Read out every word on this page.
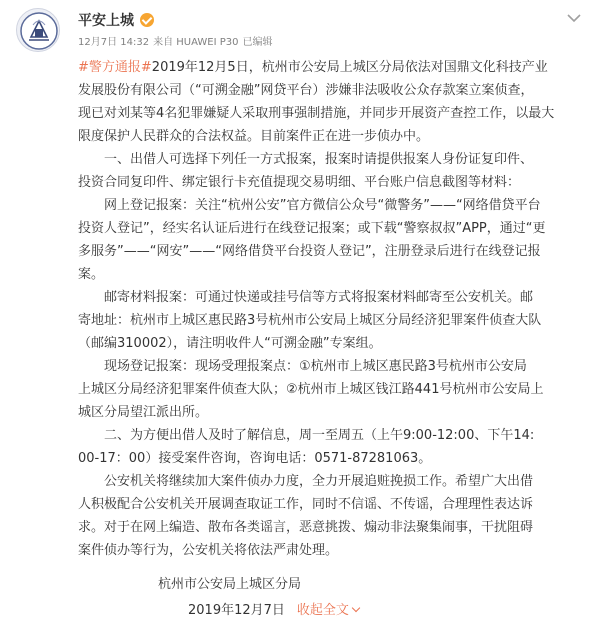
平安上城
12月7日 14:32 来自 HUAWEI P30 已编辑
#警方通报#2019年12月5日，杭州市公安局上城区分局依法对国鼎文化科技产业
发展股份有限公司（“可溯金融”网贷平台）涉嫌非法吸收公众存款案立案侦查，
现已对刘某等4名犯罪嫌疑人采取刑事强制措施，并同步开展资产查控工作，以最大
限度保护人民群众的合法权益。目前案件正在进一步侦办中。
一、出借人可选择下列任一方式报案，报案时请提供报案人身份证复印件、
投资合同复印件、绑定银行卡充值提现交易明细、平台账户信息截图等材料：
网上登记报案：关注“杭州公安”官方微信公众号“微警务”——“网络借贷平台
投资人登记”，经实名认证后进行在线登记报案；或下载“警察叔叔”APP，通过“更
多服务”——“网安”——“网络借贷平台投资人登记”，注册登录后进行在线登记报
案。
邮寄材料报案：可通过快递或挂号信等方式将报案材料邮寄至公安机关。邮
寄地址：杭州市上城区惠民路3号杭州市公安局上城区分局经济犯罪案件侦查大队
（邮编310002），请注明收件人“可溯金融”专案组。
现场登记报案：现场受理报案点：①杭州市上城区惠民路3号杭州市公安局
上城区分局经济犯罪案件侦查大队；②杭州市上城区钱江路441号杭州市公安局上
城区分局望江派出所。
二、为方便出借人及时了解信息，周一至周五（上午9:00-12:00、下午14:
00-17：00）接受案件咨询，咨询电话：0571-87281063。
公安机关将继续加大案件侦办力度，全力开展追赃挽损工作。希望广大出借
人积极配合公安机关开展调查取证工作，同时不信谣、不传谣，合理理性表达诉
求。对于在网上编造、散布各类谣言，恶意挑拨、煽动非法聚集闹事，干扰阻碍
案件侦办等行为，公安机关将依法严肃处理。
杭州市公安局上城区分局
2019年12月7日 收起全文
